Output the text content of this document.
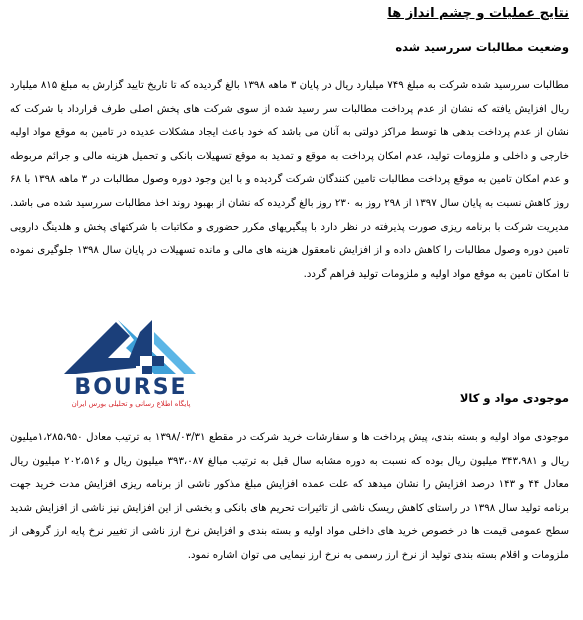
نتایج عملیات و چشم انداز ها
وضعیت مطالبات سررسید شده

مطالبات سررسید شده شرکت به مبلغ ۷۴۹ میلیارد ریال در پایان ۳ ماهه ۱۳۹۸ بالغ گردیده که تا تاریخ تایید گزارش به مبلغ ۸۱۵ میلیارد ریال افزایش یافته که نشان از عدم پرداخت مطالبات سر رسید شده از سوی شرکت های پخش اصلی طرف قرارداد با شرکت که نشان از عدم پرداخت بدهی ها توسط مراکز دولتی به آنان می باشد که خود باعث ایجاد مشکلات عدیده در تامین به موقع مواد اولیه خارجی و داخلی و ملزومات تولید، عدم امکان پرداخت به موقع و تمدید به موقع تسهیلات بانکی و تحمیل هزینه مالی و جرائم مربوطه و عدم امکان تامین به موقع پرداخت مطالبات تامین کنندگان شرکت گردیده و با این وجود دوره وصول مطالبات در ۳ ماهه ۱۳۹۸ با ۶۸ روز کاهش نسبت به پایان سال ۱۳۹۷ از ۲۹۸ روز به ۲۳۰ روز بالغ گردیده که نشان از بهبود روند اخذ مطالبات سررسید شده می باشد. مدیریت شرکت با برنامه ریزی صورت پذیرفته در نظر دارد با پیگیریهای مکرر حضوری و مکاتبات با شرکتهای پخش و هلدینگ دارویی تامین دوره وصول مطالبات را کاهش داده و از افزایش نامعقول هزینه های مالی و مانده تسهیلات در پایان سال ۱۳۹۸ جلوگیری نموده تا امکان تامین به موقع مواد اولیه و ملزومات تولید فراهم گردد.

موجودی مواد و کالا

موجودی مواد اولیه و بسته بندی، پیش پرداخت ها و سفارشات خرید شرکت در مقطع ۱۳۹۸/۰۳/۳۱ به ترتیب معادل ۱،۲۸۵،۹۵۰میلیون ریال و ۳۴۳،۹۸۱ میلیون ریال بوده که نسبت به دوره مشابه سال قبل به ترتیب مبالغ ۳۹۳،۰۸۷ میلیون ریال و ۲۰۲،۵۱۶ میلیون ریال معادل ۴۴ و ۱۴۳ درصد افزایش را نشان میدهد که علت عمده افزایش مبلغ مذکور ناشی از برنامه ریزی افزایش مدت خرید جهت برنامه تولید سال ۱۳۹۸ در راستای کاهش ریسک ناشی از تاثیرات تحریم های بانکی و بخشی از این افزایش نیز ناشی از افزایش شدید سطح عمومی قیمت ها در خصوص خرید های داخلی مواد اولیه و بسته بندی و افزایش نرخ ارز ناشی از تغییر نرخ پایه ارز گروهی از ملزومات و اقلام بسته بندی تولید از نرخ ارز رسمی به نرخ ارز نیمایی می توان اشاره نمود.

BOURSE
پایگاه اطلاع رسانی و تحلیلی بورس ایران
